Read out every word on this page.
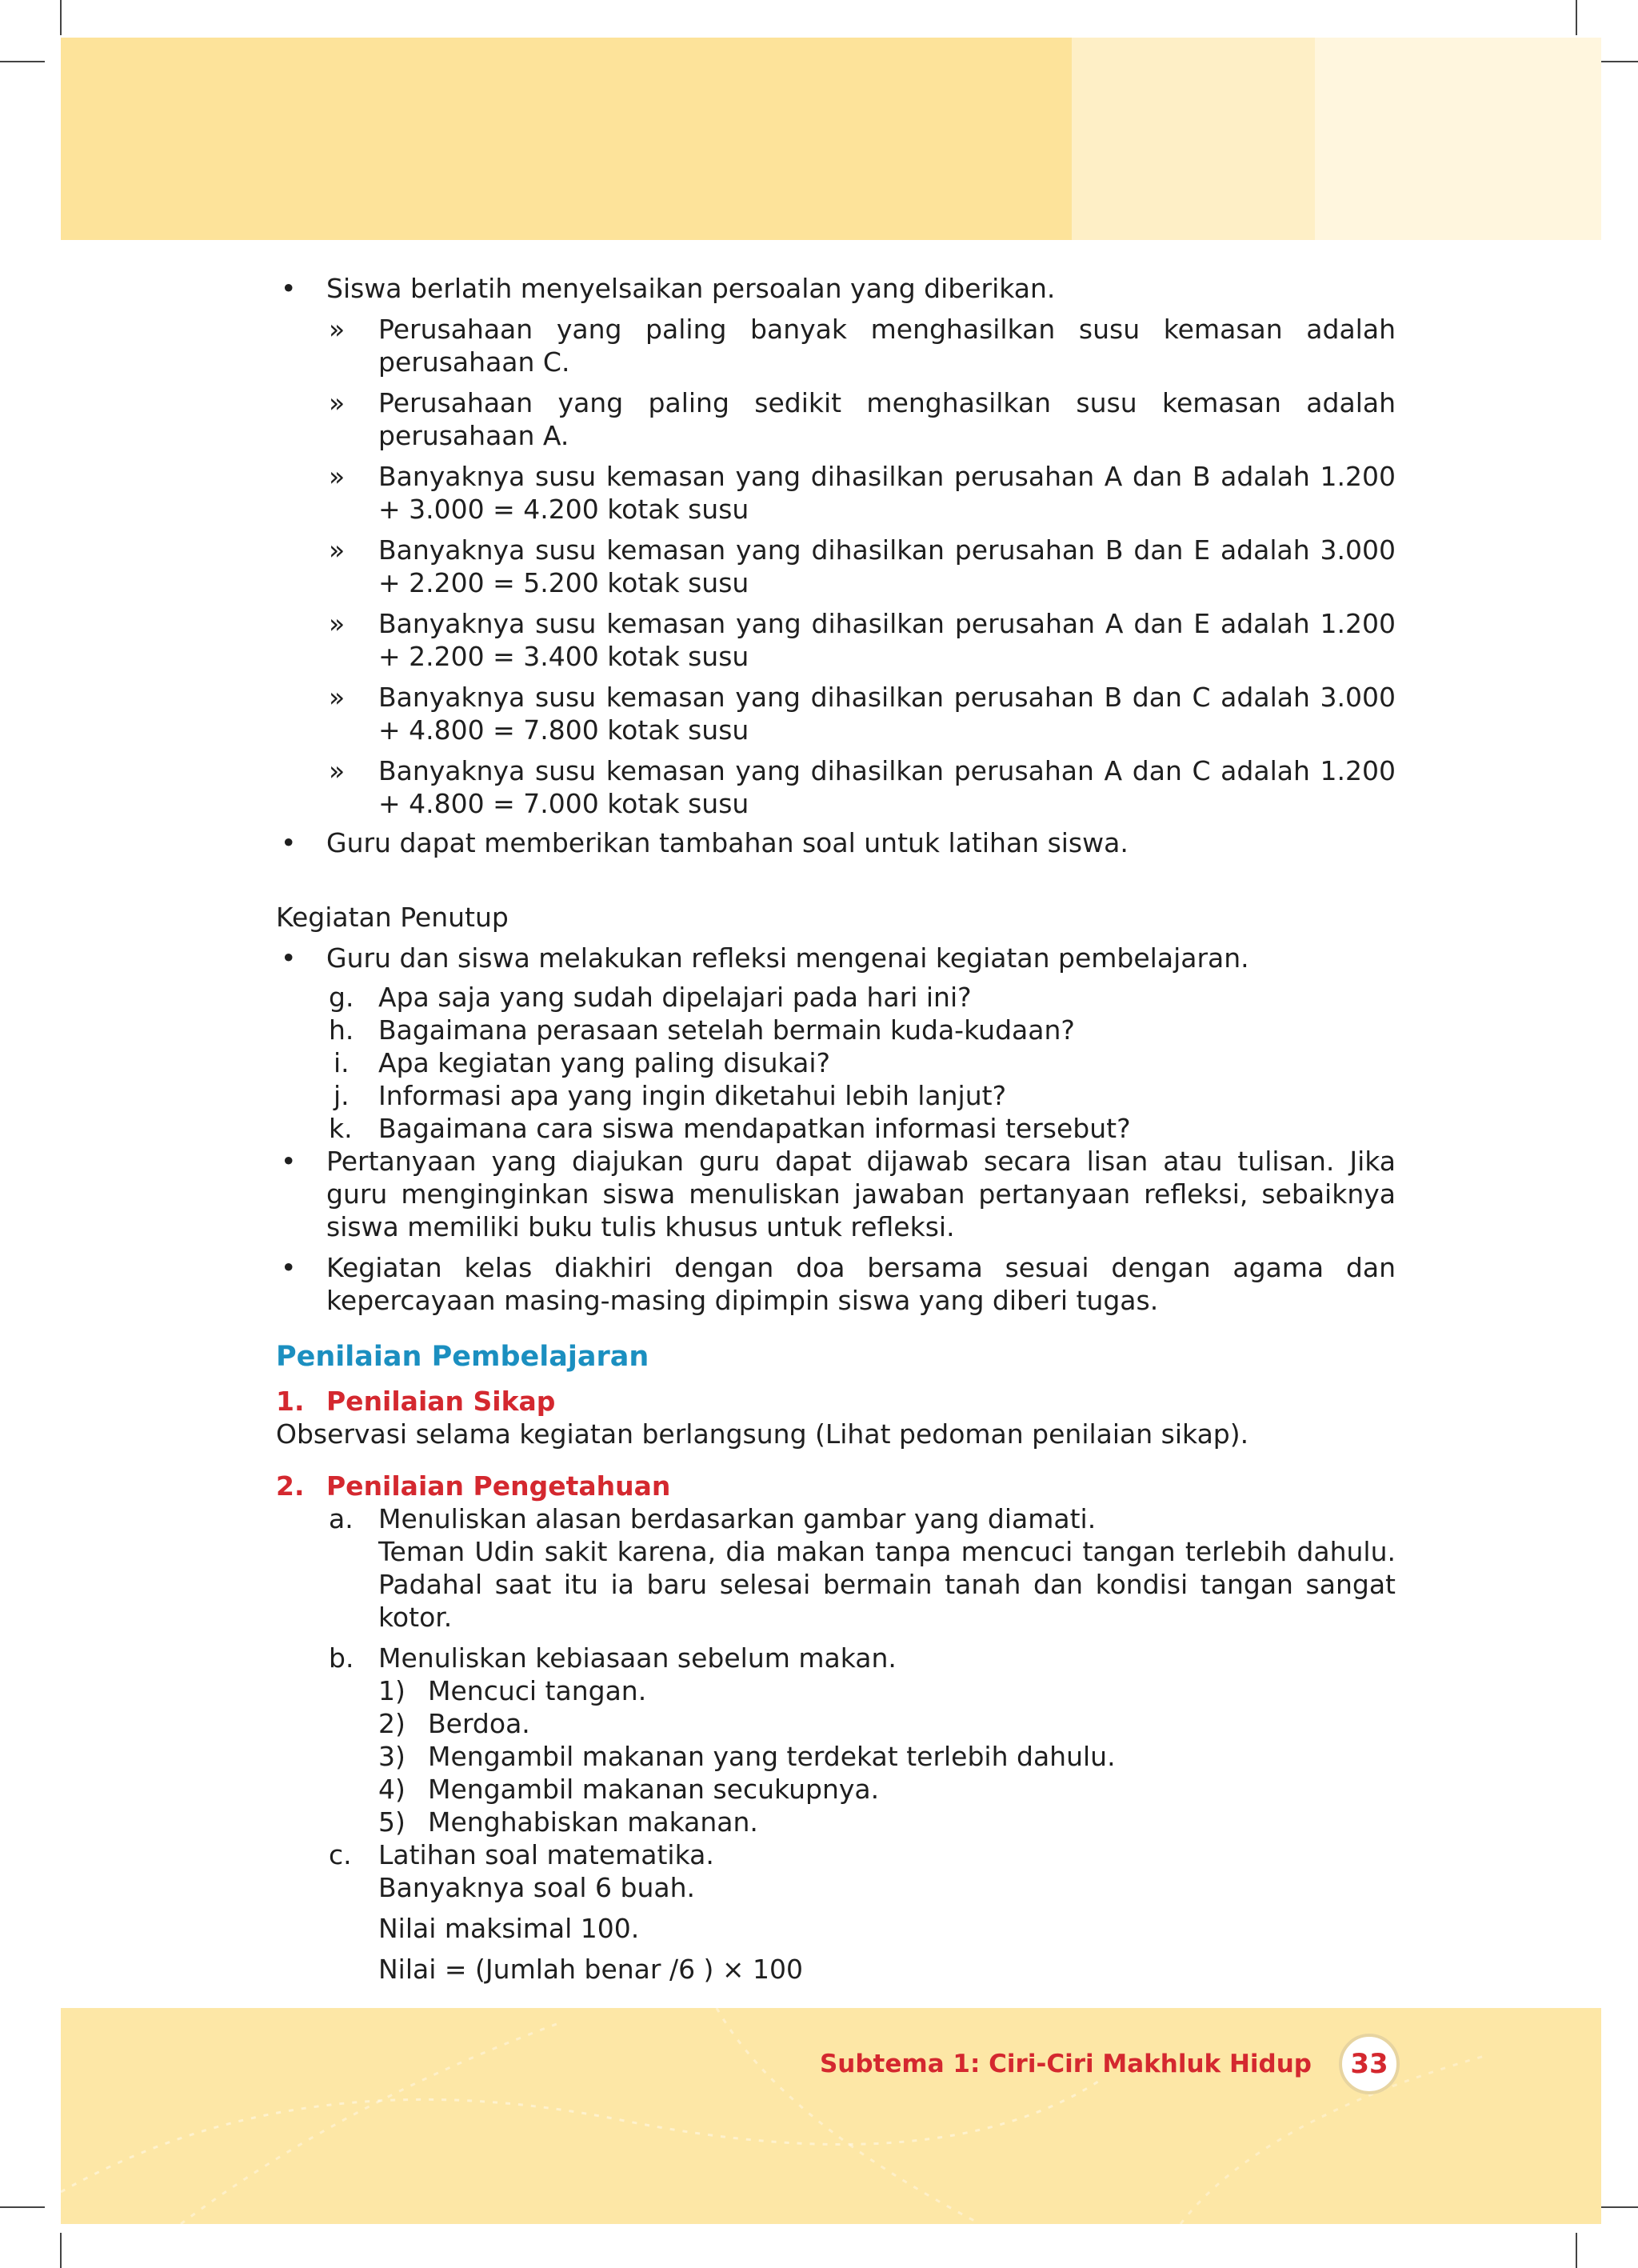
Subtema 1: Ciri-Ciri Makhluk Hidup	33
• Siswa berlatih menyelsaikan persoalan yang diberikan.
» Perusahaan yang paling banyak menghasilkan susu kemasan adalah perusahaan C.
» Perusahaan yang paling sedikit menghasilkan susu kemasan adalah perusahaan A.
» Banyaknya susu kemasan yang dihasilkan perusahan A dan B adalah 1.200 + 3.000 = 4.200 kotak susu
» Banyaknya susu kemasan yang dihasilkan perusahan B dan E adalah 3.000 + 2.200 = 5.200 kotak susu
» Banyaknya susu kemasan yang dihasilkan perusahan A dan E adalah 1.200 + 2.200 = 3.400 kotak susu
» Banyaknya susu kemasan yang dihasilkan perusahan B dan C adalah 3.000 + 4.800 = 7.800 kotak susu
» Banyaknya susu kemasan yang dihasilkan perusahan A dan C adalah 1.200 + 4.800 = 7.000 kotak susu
• Guru dapat memberikan tambahan soal untuk latihan siswa.
Kegiatan Penutup
• Guru dan siswa melakukan refleksi mengenai kegiatan pembelajaran.
g. Apa saja yang sudah dipelajari pada hari ini?
h. Bagaimana perasaan setelah bermain kuda-kudaan?
i. Apa kegiatan yang paling disukai?
j. Informasi apa yang ingin diketahui lebih lanjut?
k. Bagaimana cara siswa mendapatkan informasi tersebut?
• Pertanyaan yang diajukan guru dapat dijawab secara lisan atau tulisan. Jika guru menginginkan siswa menuliskan jawaban pertanyaan refleksi, sebaiknya siswa memiliki buku tulis khusus untuk refleksi.
• Kegiatan kelas diakhiri dengan doa bersama sesuai dengan agama dan kepercayaan masing-masing dipimpin siswa yang diberi tugas.
Penilaian Pembelajaran
1. Penilaian Sikap
Observasi selama kegiatan berlangsung (Lihat pedoman penilaian sikap).
2. Penilaian Pengetahuan
a. Menuliskan alasan berdasarkan gambar yang diamati.
Teman Udin sakit karena, dia makan tanpa mencuci tangan terlebih dahulu. Padahal saat itu ia baru selesai bermain tanah dan kondisi tangan sangat kotor.
b. Menuliskan kebiasaan sebelum makan.
1) Mencuci tangan.
2) Berdoa.
3) Mengambil makanan yang terdekat terlebih dahulu.
4) Mengambil makanan secukupnya.
5) Menghabiskan makanan.
c. Latihan soal matematika.
Banyaknya soal 6 buah.
Nilai maksimal 100.
Nilai = (Jumlah benar /6 ) × 100
